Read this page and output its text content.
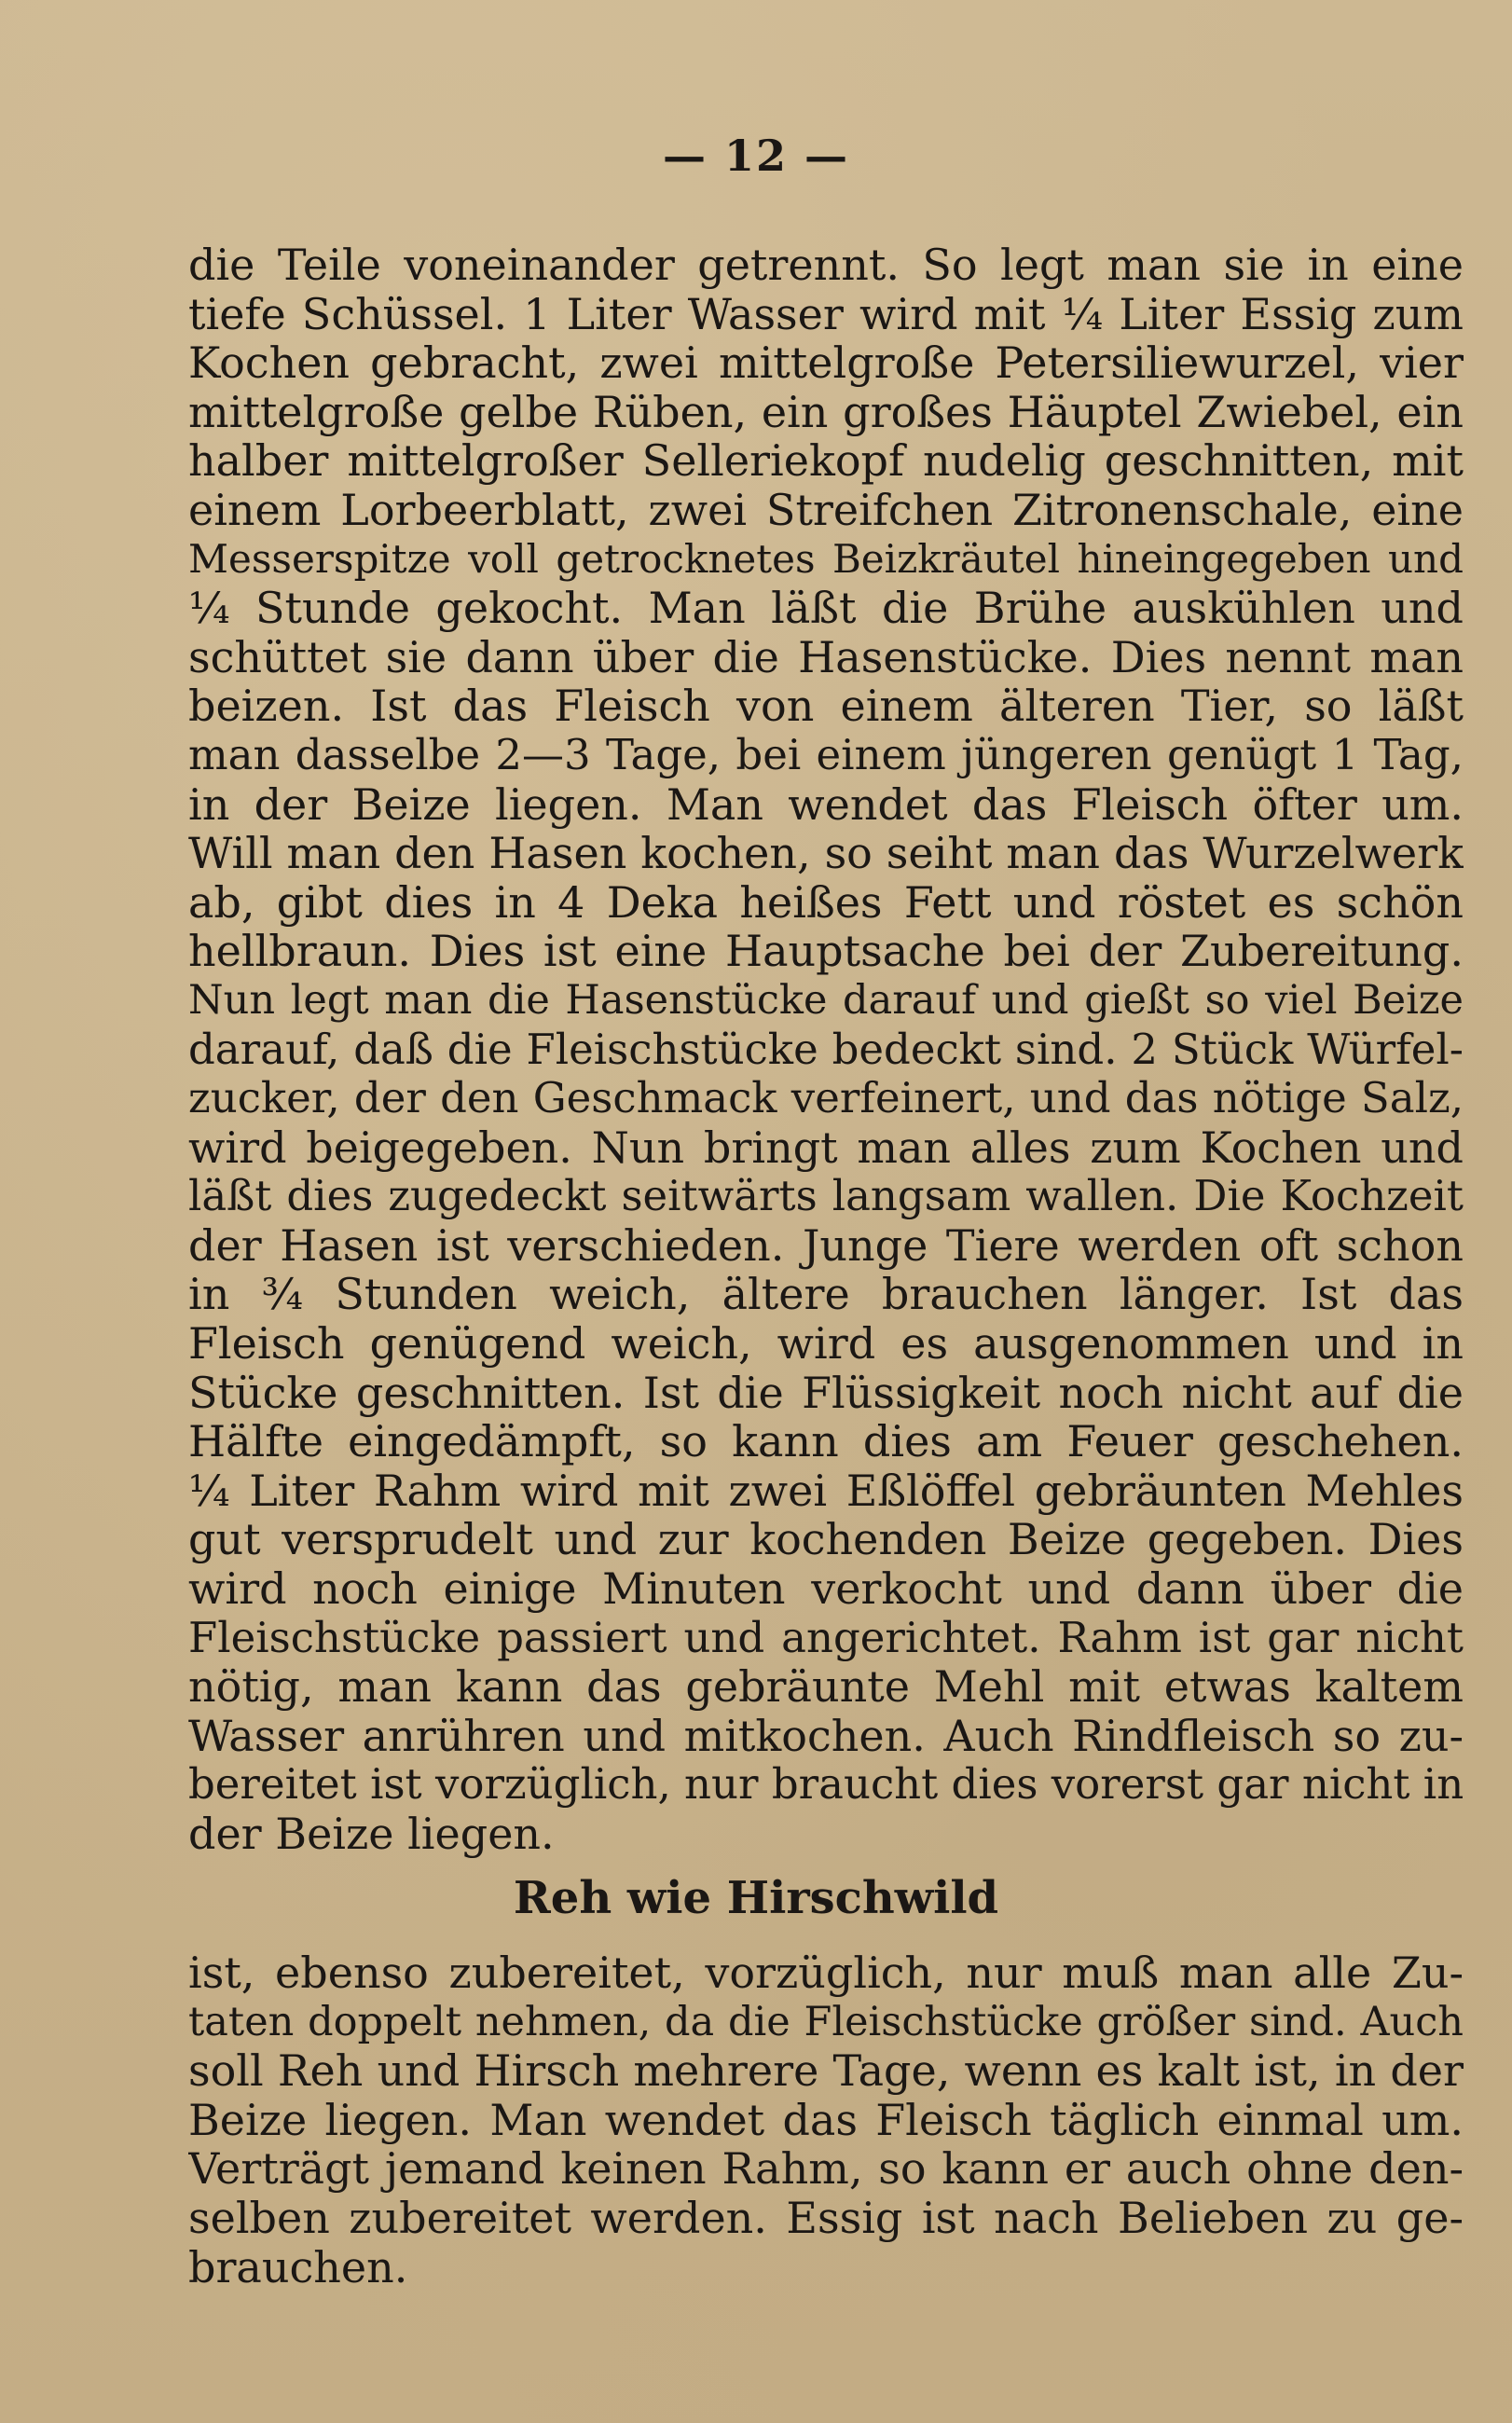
— 12 —
die Teile voneinander getrennt. So legt man sie in eine
tiefe Schüssel. 1 Liter Wasser wird mit ¼ Liter Essig zum
Kochen gebracht, zwei mittelgroße Petersiliewurzel, vier
mittelgroße gelbe Rüben, ein großes Häuptel Zwiebel, ein
halber mittelgroßer Selleriekopf nudelig geschnitten, mit
einem Lorbeerblatt, zwei Streifchen Zitronenschale, eine
Messerspitze voll getrocknetes Beizkräutel hineingegeben und
¼ Stunde gekocht. Man läßt die Brühe auskühlen und
schüttet sie dann über die Hasenstücke. Dies nennt man
beizen. Ist das Fleisch von einem älteren Tier, so läßt
man dasselbe 2—3 Tage, bei einem jüngeren genügt 1 Tag,
in der Beize liegen. Man wendet das Fleisch öfter um.
Will man den Hasen kochen, so seiht man das Wurzelwerk
ab, gibt dies in 4 Deka heißes Fett und röstet es schön
hellbraun. Dies ist eine Hauptsache bei der Zubereitung.
Nun legt man die Hasenstücke darauf und gießt so viel Beize
darauf, daß die Fleischstücke bedeckt sind. 2 Stück Würfel-
zucker, der den Geschmack verfeinert, und das nötige Salz,
wird beigegeben. Nun bringt man alles zum Kochen und
läßt dies zugedeckt seitwärts langsam wallen. Die Kochzeit
der Hasen ist verschieden. Junge Tiere werden oft schon
in ¾ Stunden weich, ältere brauchen länger. Ist das
Fleisch genügend weich, wird es ausgenommen und in
Stücke geschnitten. Ist die Flüssigkeit noch nicht auf die
Hälfte eingedämpft, so kann dies am Feuer geschehen.
¼ Liter Rahm wird mit zwei Eßlöffel gebräunten Mehles
gut versprudelt und zur kochenden Beize gegeben. Dies
wird noch einige Minuten verkocht und dann über die
Fleischstücke passiert und angerichtet. Rahm ist gar nicht
nötig, man kann das gebräunte Mehl mit etwas kaltem
Wasser anrühren und mitkochen. Auch Rindfleisch so zu-
bereitet ist vorzüglich, nur braucht dies vorerst gar nicht in
der Beize liegen.
Reh wie Hirschwild
ist, ebenso zubereitet, vorzüglich, nur muß man alle Zu-
taten doppelt nehmen, da die Fleischstücke größer sind. Auch
soll Reh und Hirsch mehrere Tage, wenn es kalt ist, in der
Beize liegen. Man wendet das Fleisch täglich einmal um.
Verträgt jemand keinen Rahm, so kann er auch ohne den-
selben zubereitet werden. Essig ist nach Belieben zu ge-
brauchen.
